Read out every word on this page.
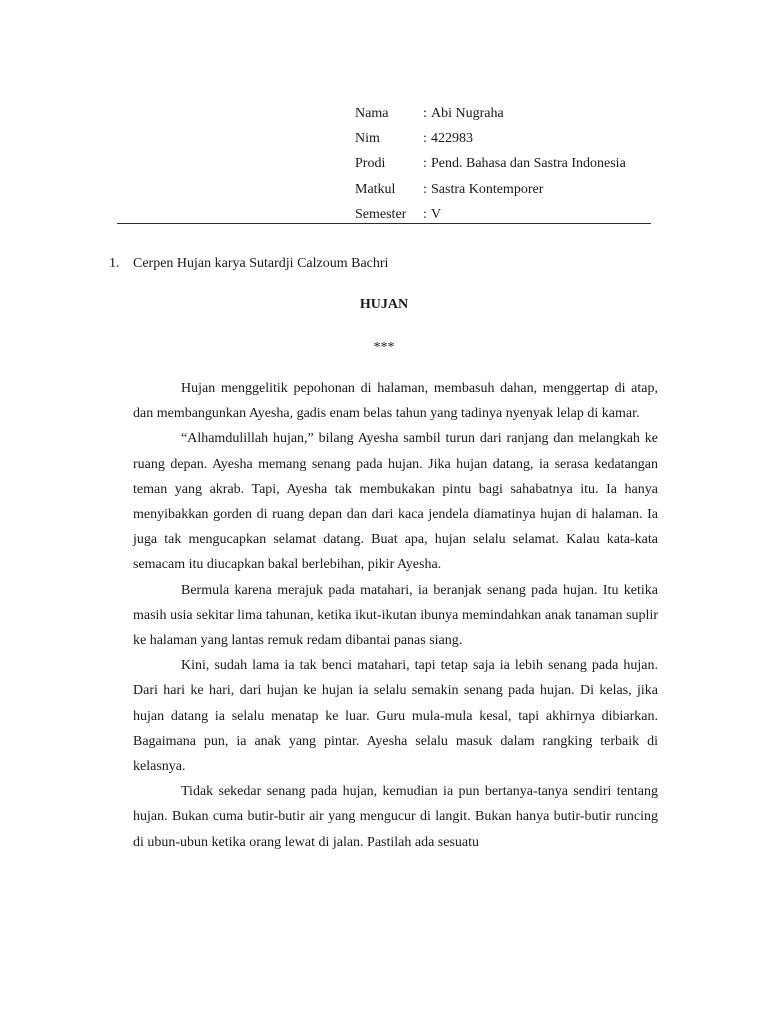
Nama	: Abi Nugraha
Nim	: 422983
Prodi	: Pend. Bahasa dan Sastra Indonesia
Matkul	: Sastra Kontemporer
Semester	: V
1. Cerpen Hujan karya Sutardji Calzoum Bachri
HUJAN
***

Hujan menggelitik pepohonan di halaman, membasuh dahan, menggertap di atap, dan membangunkan Ayesha, gadis enam belas tahun yang tadinya nyenyak lelap di kamar.

“Alhamdulillah hujan,” bilang Ayesha sambil turun dari ranjang dan melangkah ke ruang depan. Ayesha memang senang pada hujan. Jika hujan datang, ia serasa kedatangan teman yang akrab. Tapi, Ayesha tak membukakan pintu bagi sahabatnya itu. Ia hanya menyibakkan gorden di ruang depan dan dari kaca jendela diamatinya hujan di halaman. Ia juga tak mengucapkan selamat datang. Buat apa, hujan selalu selamat. Kalau kata-kata semacam itu diucapkan bakal berlebihan, pikir Ayesha.

Bermula karena merajuk pada matahari, ia beranjak senang pada hujan. Itu ketika masih usia sekitar lima tahunan, ketika ikut-ikutan ibunya memindahkan anak tanaman suplir ke halaman yang lantas remuk redam dibantai panas siang.

Kini, sudah lama ia tak benci matahari, tapi tetap saja ia lebih senang pada hujan. Dari hari ke hari, dari hujan ke hujan ia selalu semakin senang pada hujan. Di kelas, jika hujan datang ia selalu menatap ke luar. Guru mula-mula kesal, tapi akhirnya dibiarkan. Bagaimana pun, ia anak yang pintar. Ayesha selalu masuk dalam rangking terbaik di kelasnya.

Tidak sekedar senang pada hujan, kemudian ia pun bertanya-tanya sendiri tentang hujan. Bukan cuma butir-butir air yang mengucur di langit. Bukan hanya butir-butir runcing di ubun-ubun ketika orang lewat di jalan. Pastilah ada sesuatu
